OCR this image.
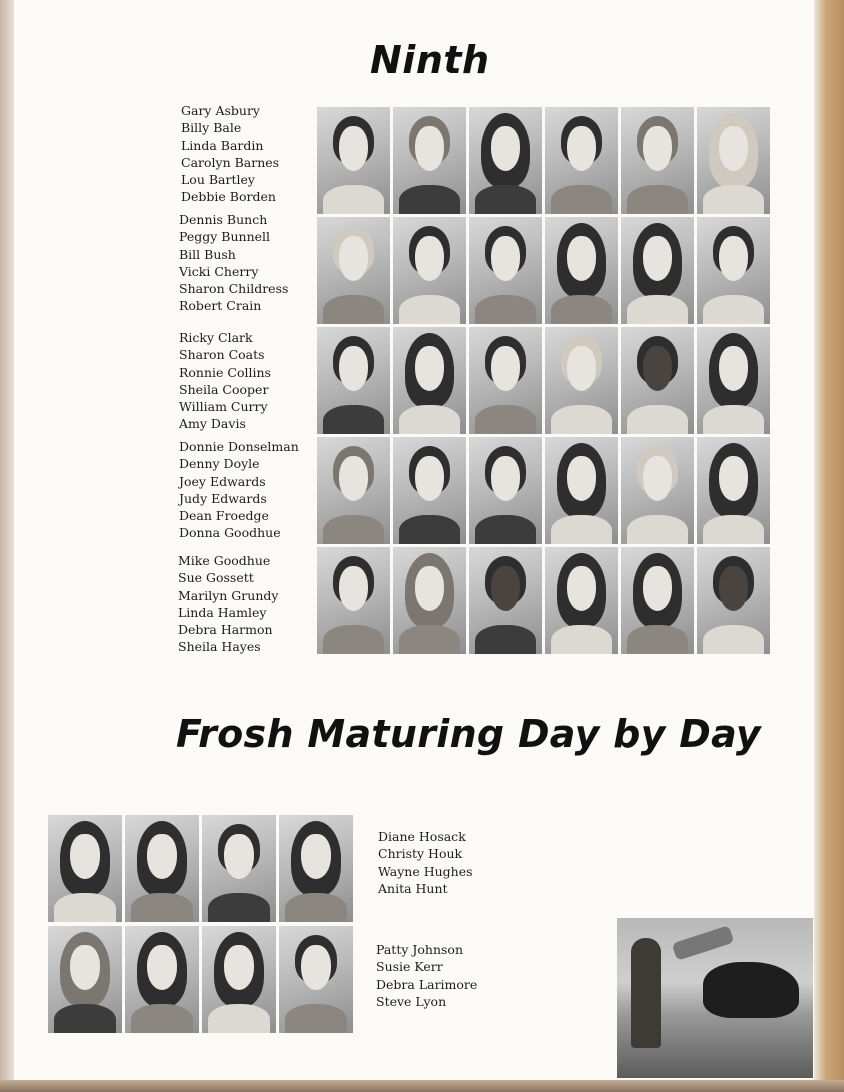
Ninth
Gary Asbury
Billy Bale
Linda Bardin
Carolyn Barnes
Lou Bartley
Debbie Borden
Dennis Bunch
Peggy Bunnell
Bill Bush
Vicki Cherry
Sharon Childress
Robert Crain
Ricky Clark
Sharon Coats
Ronnie Collins
Sheila Cooper
William Curry
Amy Davis
Donnie Donselman
Denny Doyle
Joey Edwards
Judy Edwards
Dean Froedge
Donna Goodhue
Mike Goodhue
Sue Gossett
Marilyn Grundy
Linda Hamley
Debra Harmon
Sheila Hayes
Frosh Maturing Day by Day
Diane Hosack
Christy Houk
Wayne Hughes
Anita Hunt
Patty Johnson
Susie Kerr
Debra Larimore
Steve Lyon
